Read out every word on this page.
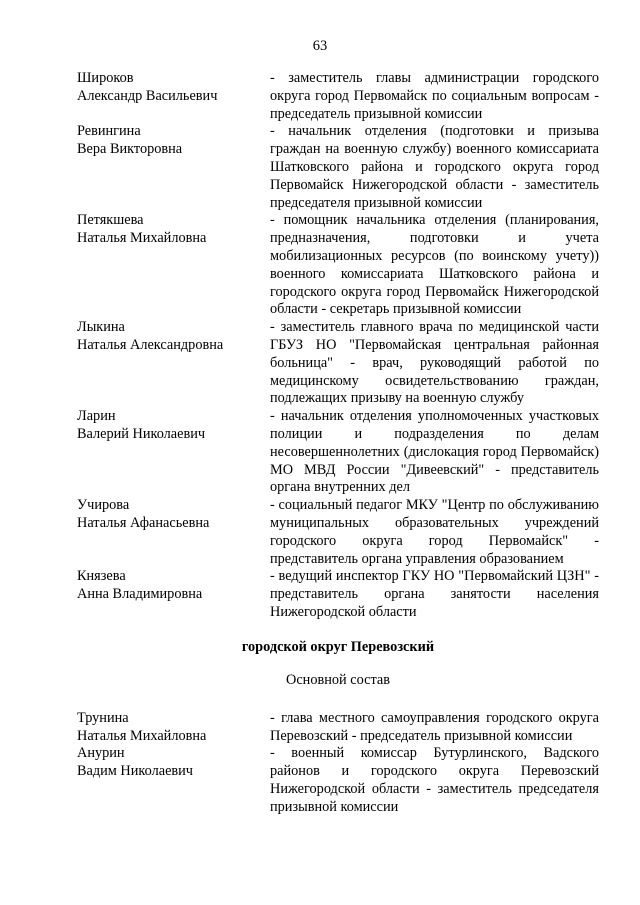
63
Широков
Александр Васильевич
- заместитель главы администрации городского округа город Первомайск по социальным вопросам - председатель призывной комиссии
Ревингина
Вера Викторовна
- начальник отделения (подготовки и призыва граждан на военную службу) военного комиссариата Шатковского района и городского округа город Первомайск Нижегородской области - заместитель председателя призывной комиссии
Петякшева
Наталья Михайловна
- помощник начальника отделения (планирования, предназначения, подготовки и учета мобилизационных ресурсов (по воинскому учету)) военного комиссариата Шатковского района и городского округа город Первомайск Нижегородской области - секретарь призывной комиссии
Лыкина
Наталья Александровна
- заместитель главного врача по медицинской части ГБУЗ НО "Первомайская центральная районная больница" - врач, руководящий работой по медицинскому освидетельствованию граждан, подлежащих призыву на военную службу
Ларин
Валерий Николаевич
- начальник отделения уполномоченных участковых полиции и подразделения по делам несовершеннолетних (дислокация город Первомайск) МО МВД России "Дивеевский" - представитель органа внутренних дел
Учирова
Наталья Афанасьевна
- социальный педагог МКУ "Центр по обслуживанию муниципальных образовательных учреждений городского округа город Первомайск" - представитель органа управления образованием
Князева
Анна Владимировна
- ведущий инспектор ГКУ НО "Первомайский ЦЗН" - представитель органа занятости населения Нижегородской области
городской округ Перевозский
Основной состав
Трунина
Наталья Михайловна
- глава местного самоуправления городского округа Перевозский - председатель призывной комиссии
Анурин
Вадим Николаевич
- военный комиссар Бутурлинского, Вадского районов и городского округа Перевозский Нижегородской области - заместитель председателя призывной комиссии
